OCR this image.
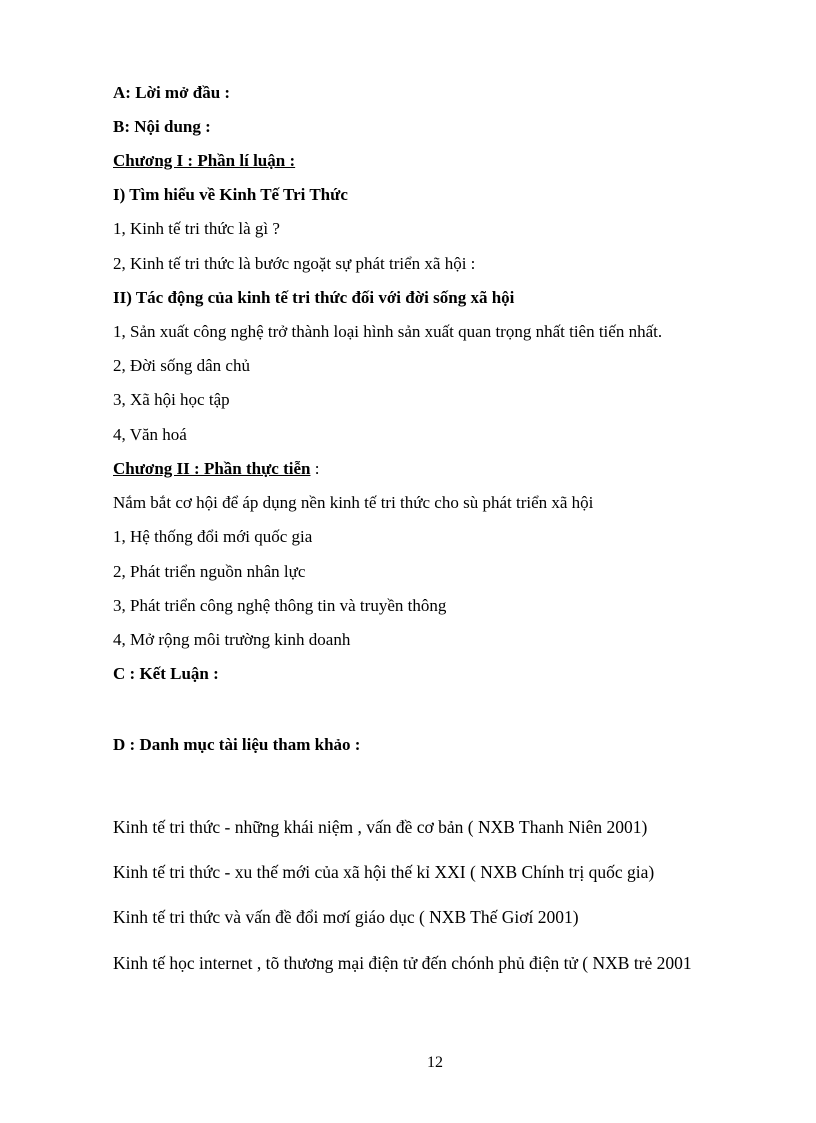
A: Lời mở đầu :
B: Nội dung :
Chương I : Phần lí luận :
I) Tìm hiểu về Kinh Tế Tri Thức
1, Kinh tế tri thức là gì ?
2, Kinh tế tri thức là bước ngoặt sự phát triển xã hội :
II) Tác động của kinh tế tri thức đối với đời sống xã hội
1, Sản xuất công nghệ trở thành loại hình sản xuất quan trọng nhất tiên tiến nhất.
2, Đời sống dân chủ
3, Xã hội học tập
4, Văn hoá
Chương II : Phần thực tiễn :
Nắm bắt cơ hội để áp dụng nền kinh tế tri thức cho sù phát triển xã hội
1, Hệ thống đổi mới quốc gia
2, Phát triển nguồn nhân lực
3, Phát triển công nghệ thông tin và truyền thông
4, Mở rộng môi trường kinh doanh
C : Kết Luận :
D : Danh mục tài liệu tham khảo :
Kinh tế tri thức - những khái niệm , vấn đề cơ bản ( NXB Thanh Niên 2001)
Kinh tế tri thức - xu thế mới của xã hội thế kỉ XXI ( NXB Chính trị quốc gia)
Kinh tế tri thức và vấn đề đổi mơí giáo dục ( NXB Thế Giơí 2001)
Kinh tế học internet , tõ thương mại điện tử đến chónh phủ điện tử ( NXB trẻ 2001
12
